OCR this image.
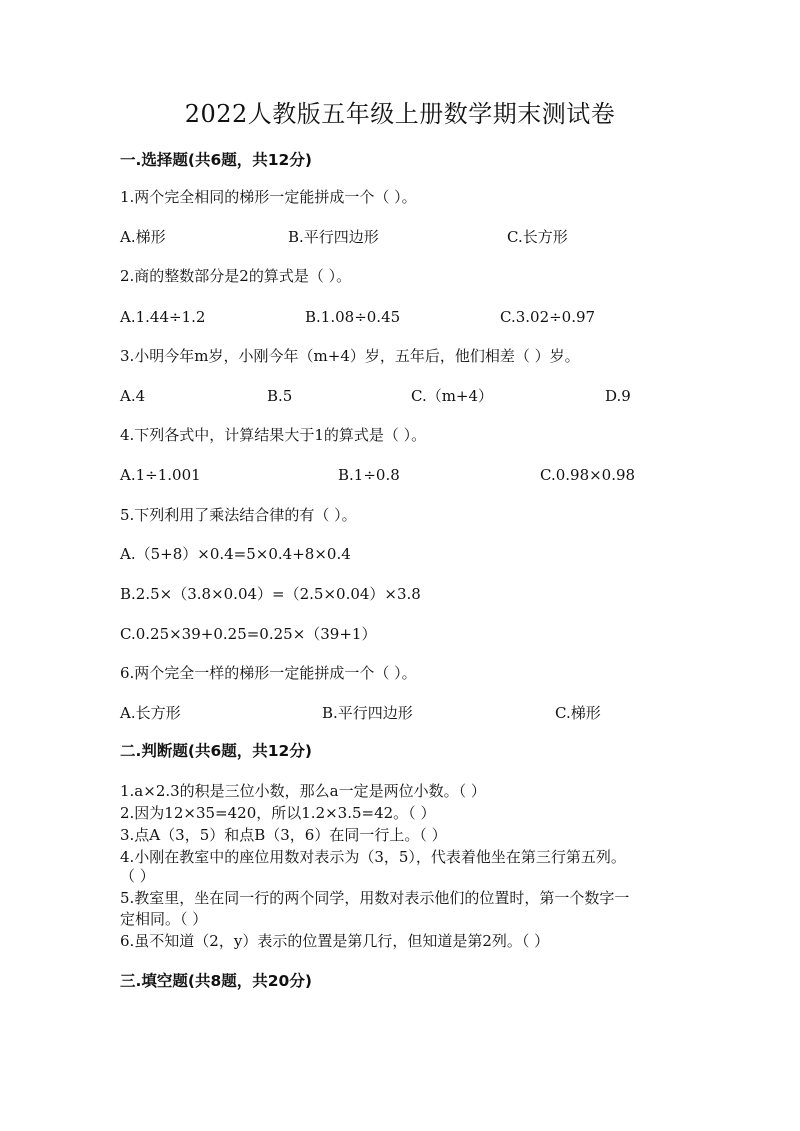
2022人教版五年级上册数学期末测试卷
一.选择题(共6题，共12分)
1.两个完全相同的梯形一定能拼成一个（ ）。
A.梯形	B.平行四边形	C.长方形
2.商的整数部分是2的算式是（ ）。
A.1.44÷1.2	B.1.08÷0.45	C.3.02÷0.97
3.小明今年m岁，小刚今年（m+4）岁，五年后，他们相差（ ）岁。
A.4	B.5	C.（m+4）	D.9
4.下列各式中，计算结果大于1的算式是（ ）。
A.1÷1.001	B.1÷0.8	C.0.98×0.98
5.下列利用了乘法结合律的有（ ）。
A.（5+8）×0.4=5×0.4+8×0.4
B.2.5×（3.8×0.04）=（2.5×0.04）×3.8
C.0.25×39+0.25=0.25×（39+1）
6.两个完全一样的梯形一定能拼成一个（ ）。
A.长方形	B.平行四边形	C.梯形
二.判断题(共6题，共12分)
1.a×2.3的积是三位小数，那么a一定是两位小数。（ ）
2.因为12×35=420，所以1.2×3.5=42。（ ）
3.点A（3，5）和点B（3，6）在同一行上。（ ）
4.小刚在教室中的座位用数对表示为（3，5），代表着他坐在第三行第五列。
（ ）
5.教室里，坐在同一行的两个同学，用数对表示他们的位置时，第一个数字一
定相同。（ ）
6.虽不知道（2，y）表示的位置是第几行，但知道是第2列。（ ）
三.填空题(共8题，共20分)
